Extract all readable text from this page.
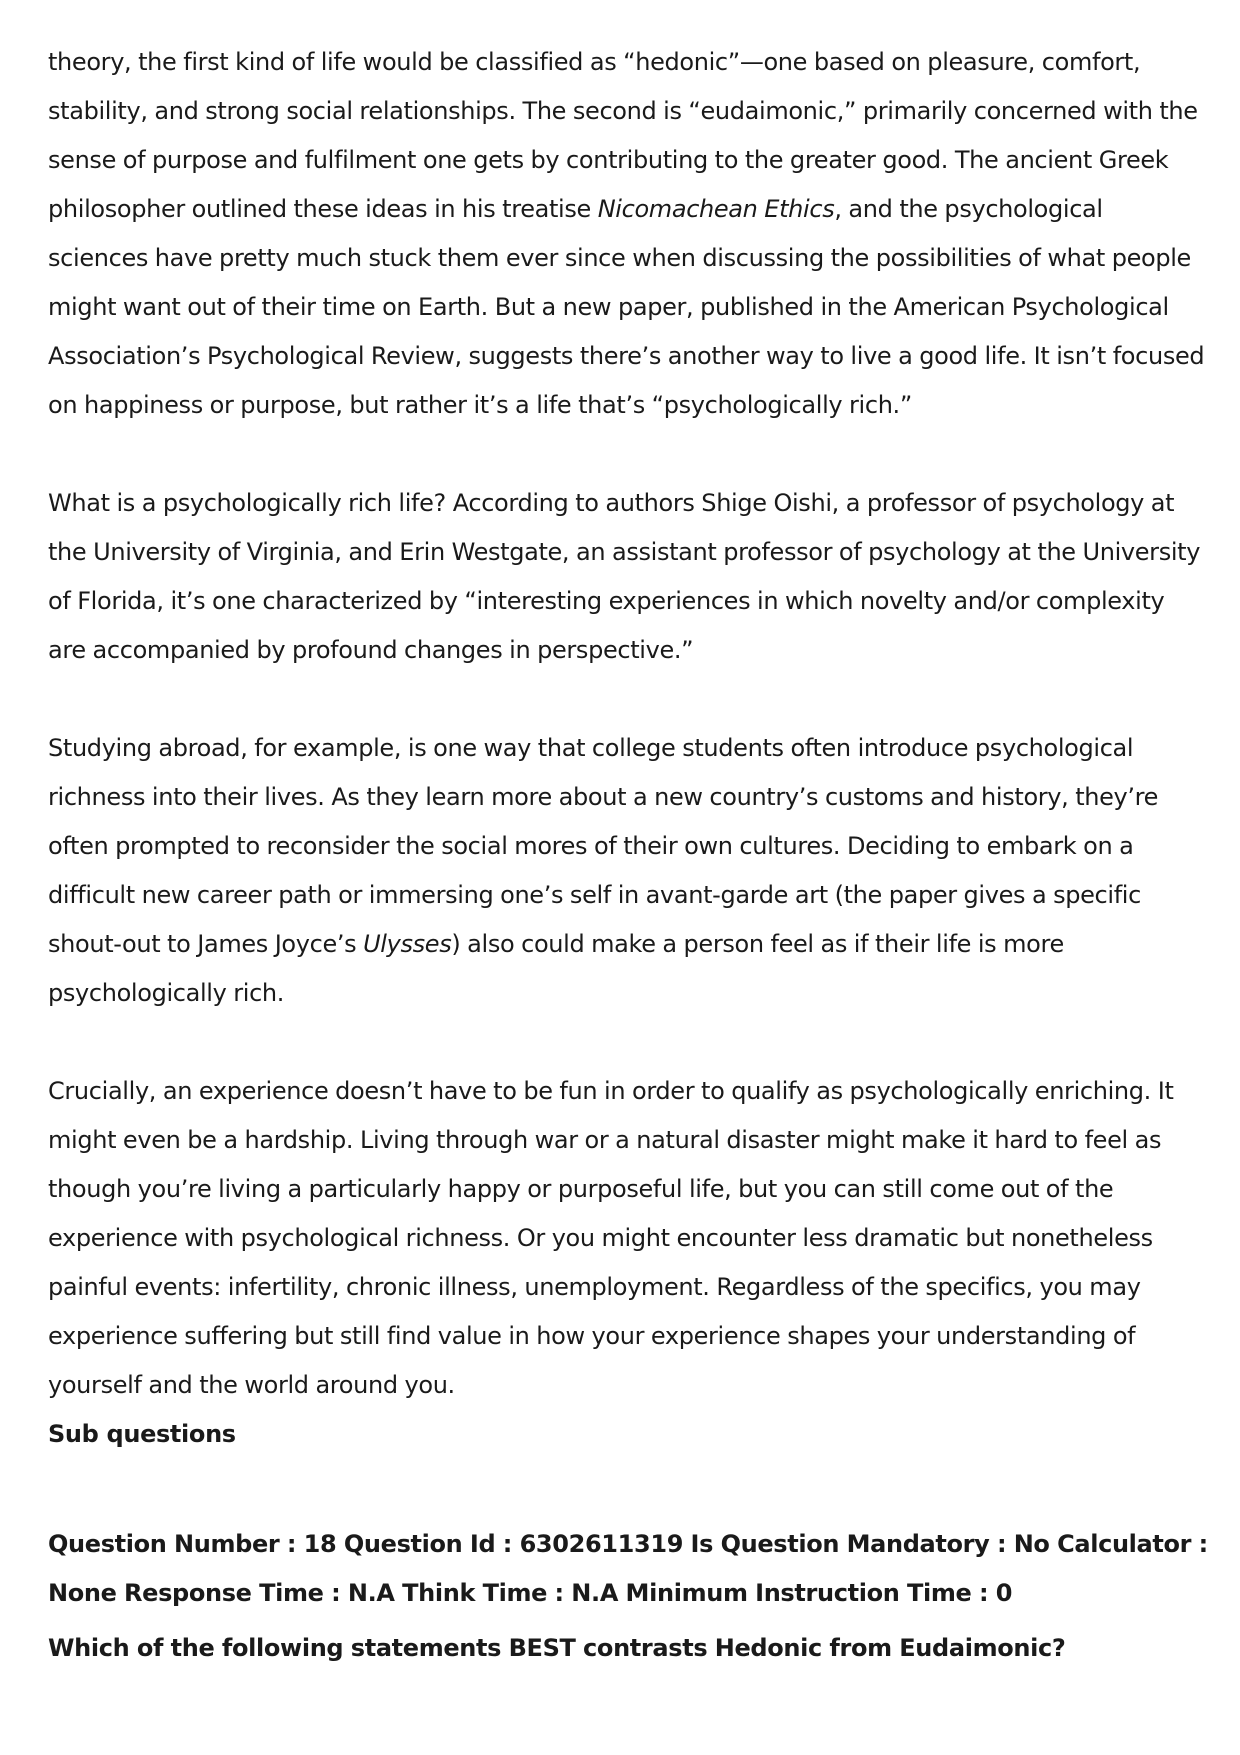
theory, the first kind of life would be classified as “hedonic”—one based on pleasure, comfort, stability, and strong social relationships. The second is “eudaimonic,” primarily concerned with the sense of purpose and fulfilment one gets by contributing to the greater good. The ancient Greek philosopher outlined these ideas in his treatise Nicomachean Ethics, and the psychological sciences have pretty much stuck them ever since when discussing the possibilities of what people might want out of their time on Earth. But a new paper, published in the American Psychological Association’s Psychological Review, suggests there’s another way to live a good life. It isn’t focused on happiness or purpose, but rather it’s a life that’s “psychologically rich.”

What is a psychologically rich life? According to authors Shige Oishi, a professor of psychology at the University of Virginia, and Erin Westgate, an assistant professor of psychology at the University of Florida, it’s one characterized by “interesting experiences in which novelty and/or complexity are accompanied by profound changes in perspective.”

Studying abroad, for example, is one way that college students often introduce psychological richness into their lives. As they learn more about a new country’s customs and history, they’re often prompted to reconsider the social mores of their own cultures. Deciding to embark on a difficult new career path or immersing one’s self in avant-garde art (the paper gives a specific shout-out to James Joyce’s Ulysses) also could make a person feel as if their life is more psychologically rich.

Crucially, an experience doesn’t have to be fun in order to qualify as psychologically enriching. It might even be a hardship. Living through war or a natural disaster might make it hard to feel as though you’re living a particularly happy or purposeful life, but you can still come out of the experience with psychological richness. Or you might encounter less dramatic but nonetheless painful events: infertility, chronic illness, unemployment. Regardless of the specifics, you may experience suffering but still find value in how your experience shapes your understanding of yourself and the world around you.

Sub questions

Question Number : 18 Question Id : 6302611319 Is Question Mandatory : No Calculator : None Response Time : N.A Think Time : N.A Minimum Instruction Time : 0

Which of the following statements BEST contrasts Hedonic from Eudaimonic?
